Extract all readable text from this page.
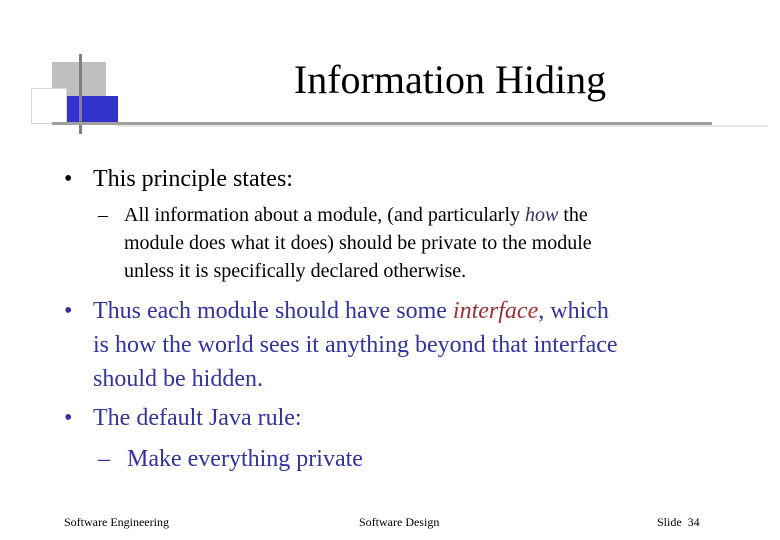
Information Hiding
• This principle states:
– All information about a module, (and particularly how the
module does what it does) should be private to the module
unless it is specifically declared otherwise.
• Thus each module should have some interface, which
is how the world sees it anything beyond that interface
should be hidden.
• The default Java rule:
– Make everything private
Software Engineering	Software Design	Slide 34
